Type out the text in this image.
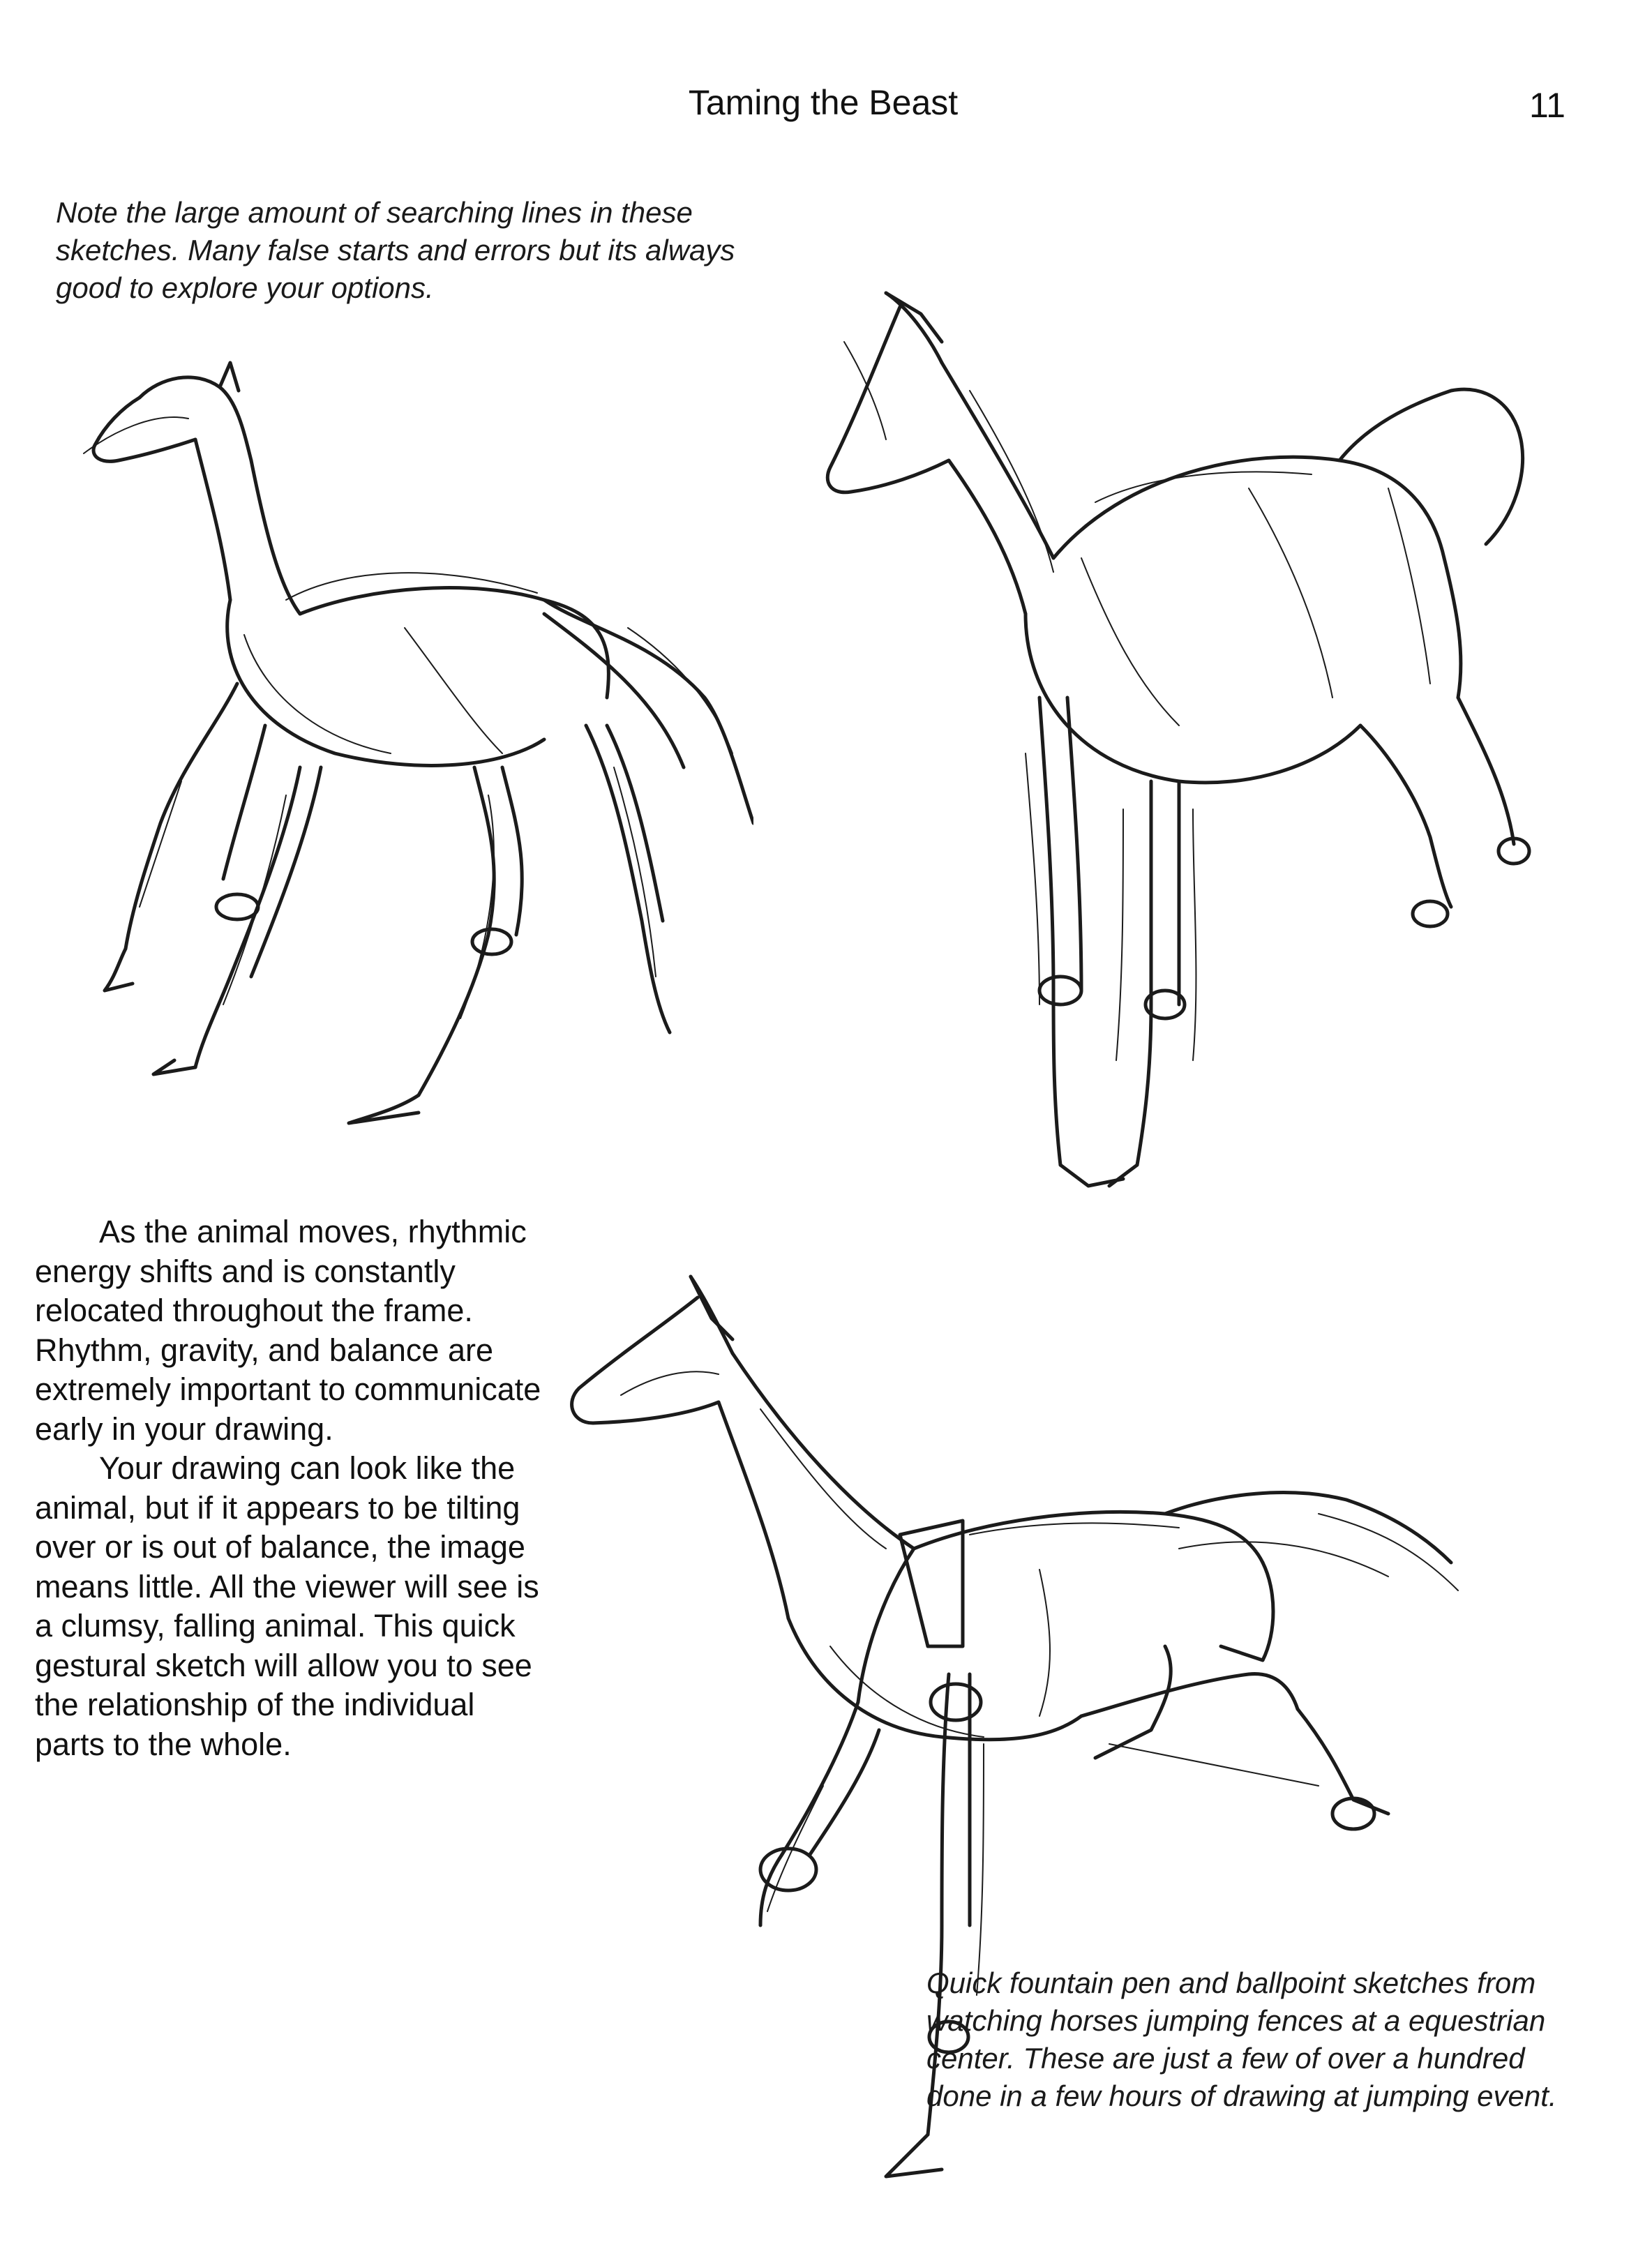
Taming the Beast	11

Note the large amount of searching lines in these sketches. Many false starts and errors but its always good to explore your options.

As the animal moves, rhythmic energy shifts and is constantly relocated throughout the frame. Rhythm, gravity, and balance are extremely important to communicate early in your drawing.

Your drawing can look like the animal, but if it appears to be tilting over or is out of balance, the image means little. All the viewer will see is a clumsy, falling animal. This quick gestural sketch will allow you to see the relationship of the individual parts to the whole.

Quick fountain pen and ballpoint sketches from watching horses jumping fences at a equestrian center. These are just a few of over a hundred done in a few hours of drawing at jumping event.
